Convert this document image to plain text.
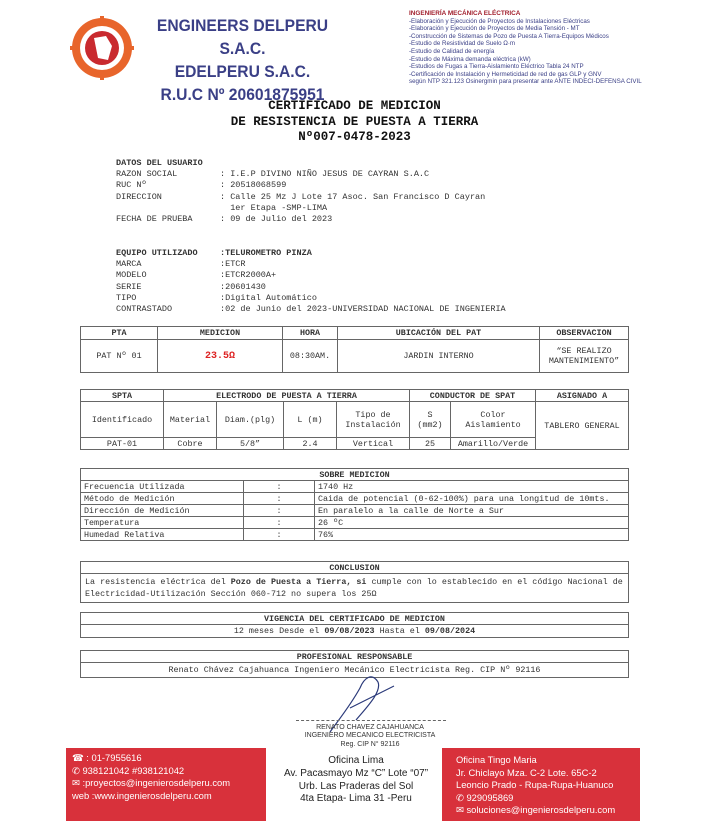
ENGINEERS DELPERU S.A.C.
EDELPERU S.A.C.
R.U.C Nº 20601875951
INGENIERÍA MECÁNICA ELÉCTRICA
-Elaboración y Ejecución de Proyectos de Instalaciones Eléctricas
-Elaboración y Ejecución de Proyectos de Media Tensión - MT
-Construcción de Sistemas de Pozo de Puesta A Tierra-Equipos Médicos
-Estudio de Resistividad de Suelo Ω·m
-Estudio de Calidad de energía
-Estudio de Máxima demanda eléctrica (kW)
-Estudios de Fugas a Tierra-Aislamiento Eléctrico Tabla 24 NTP
-Certificación de Instalación y Hermeticidad de red de gas GLP y GNV
según NTP 321.123 Osinergmin para presentar ante ANTE INDECI-DEFENSA CIVIL
CERTIFICADO DE MEDICION
DE RESISTENCIA DE PUESTA A TIERRA
Nº007-0478-2023
DATOS DEL USUARIO
RAZON SOCIAL	: I.E.P DIVINO NIÑO JESUS DE CAYRAN S.A.C
RUC Nº	: 20518068599
DIRECCION	: Calle 25 Mz J Lote 17 Asoc. San Francisco D Cayran
1er Etapa -SMP-LIMA
FECHA DE PRUEBA	: 09 de Julio del 2023
EQUIPO UTILIZADO	:TELUROMETRO PINZA
MARCA	:ETCR
MODELO	:ETCR2000A+
SERIE	:20601430
TIPO	:Digital Automático
CONTRASTADO	:02 de Junio del 2023-UNIVERSIDAD NACIONAL DE INGENIERIA
PTA	MEDICION	HORA	UBICACIÓN DEL PAT	OBSERVACION
PAT Nº 01	23.5Ω	08:30AM.	JARDIN INTERNO	“SE REALIZO MANTENIMIENTO”
SPTA	ELECTRODO DE PUESTA A TIERRA				CONDUCTOR DE SPAT		ASIGNADO A
Identificado	Material	Diam.(plg)	L (m)	Tipo de Instalación	S (mm2)	Color Aislamiento	TABLERO GENERAL
PAT-01	Cobre	5/8”	2.4	Vertical	25	Amarillo/Verde	
SOBRE MEDICION		
Frecuencia Utilizada	:	1740 Hz
Método de Medición	:	Caida de potencial (0-62-100%) para una longitud de 10mts.
Dirección de Medición	:	En paralelo a la calle de Norte a Sur
Temperatura	:	26 ºC
Humedad Relativa	:	76%
CONCLUSION
La resistencia eléctrica del Pozo de Puesta a Tierra, si cumple con lo establecido en el código Nacional de Electricidad-Utilización Sección 060-712 no supera los 25Ω
VIGENCIA DEL CERTIFICADO DE MEDICION
12 meses Desde el 09/08/2023 Hasta el 09/08/2024
PROFESIONAL RESPONSABLE
Renato Chávez Cajahuanca Ingeniero Mecánico Electricista Reg. CIP Nº 92116
RENATO CHAVEZ CAJAHUANCA
INGENIERO MECANICO ELECTRICISTA
Reg. CIP N° 92116
☎ : 01-7955616
✆ 938121042 #938121042
✉ :proyectos@ingenierosdelperu.com
web :www.ingenierosdelperu.com
Oficina Lima
Av. Pacasmayo Mz “C” Lote “07”
Urb. Las Praderas del Sol
4ta Etapa- Lima 31 -Peru
Oficina Tingo Maria
Jr. Chiclayo Mza. C-2 Lote. 65C-2
Leoncio Prado - Rupa-Rupa-Huanuco
✆ 929095869
✉ soluciones@ingenierosdelperu.com
